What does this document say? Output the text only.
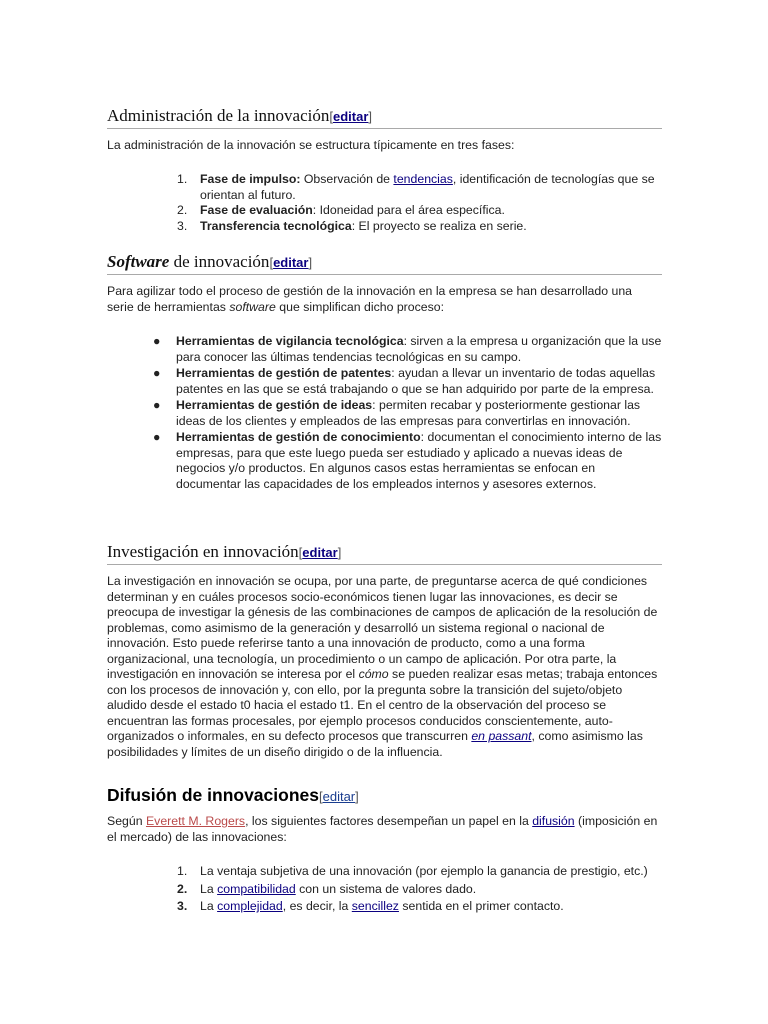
Administración de la innovación[editar]

La administración de la innovación se estructura típicamente en tres fases:

1. Fase de impulso: Observación de tendencias, identificación de tecnologías que se orientan al futuro.
2. Fase de evaluación: Idoneidad para el área específica.
3. Transferencia tecnológica: El proyecto se realiza en serie.
Software de innovación[editar]

Para agilizar todo el proceso de gestión de la innovación en la empresa se han desarrollado una serie de herramientas software que simplifican dicho proceso:

● Herramientas de vigilancia tecnológica: sirven a la empresa u organización que la use para conocer las últimas tendencias tecnológicas en su campo.
● Herramientas de gestión de patentes: ayudan a llevar un inventario de todas aquellas patentes en las que se está trabajando o que se han adquirido por parte de la empresa.
● Herramientas de gestión de ideas: permiten recabar y posteriormente gestionar las ideas de los clientes y empleados de las empresas para convertirlas en innovación.
● Herramientas de gestión de conocimiento: documentan el conocimiento interno de las empresas, para que este luego pueda ser estudiado y aplicado a nuevas ideas de negocios y/o productos. En algunos casos estas herramientas se enfocan en documentar las capacidades de los empleados internos y asesores externos.
Investigación en innovación[editar]

La investigación en innovación se ocupa, por una parte, de preguntarse acerca de qué condiciones determinan y en cuáles procesos socio-económicos tienen lugar las innovaciones, es decir se preocupa de investigar la génesis de las combinaciones de campos de aplicación de la resolución de problemas, como asimismo de la generación y desarrolló un sistema regional o nacional de innovación. Esto puede referirse tanto a una innovación de producto, como a una forma organizacional, una tecnología, un procedimiento o un campo de aplicación. Por otra parte, la investigación en innovación se interesa por el cómo se pueden realizar esas metas; trabaja entonces con los procesos de innovación y, con ello, por la pregunta sobre la transición del sujeto/objeto aludido desde el estado t0 hacia el estado t1. En el centro de la observación del proceso se encuentran las formas procesales, por ejemplo procesos conducidos conscientemente, auto-organizados o informales, en su defecto procesos que transcurren en passant, como asimismo las posibilidades y límites de un diseño dirigido o de la influencia.

Difusión de innovaciones[editar]

Según Everett M. Rogers, los siguientes factores desempeñan un papel en la difusión (imposición en el mercado) de las innovaciones:

1. La ventaja subjetiva de una innovación (por ejemplo la ganancia de prestigio, etc.)
2. La compatibilidad con un sistema de valores dado.
3. La complejidad, es decir, la sencillez sentida en el primer contacto.
